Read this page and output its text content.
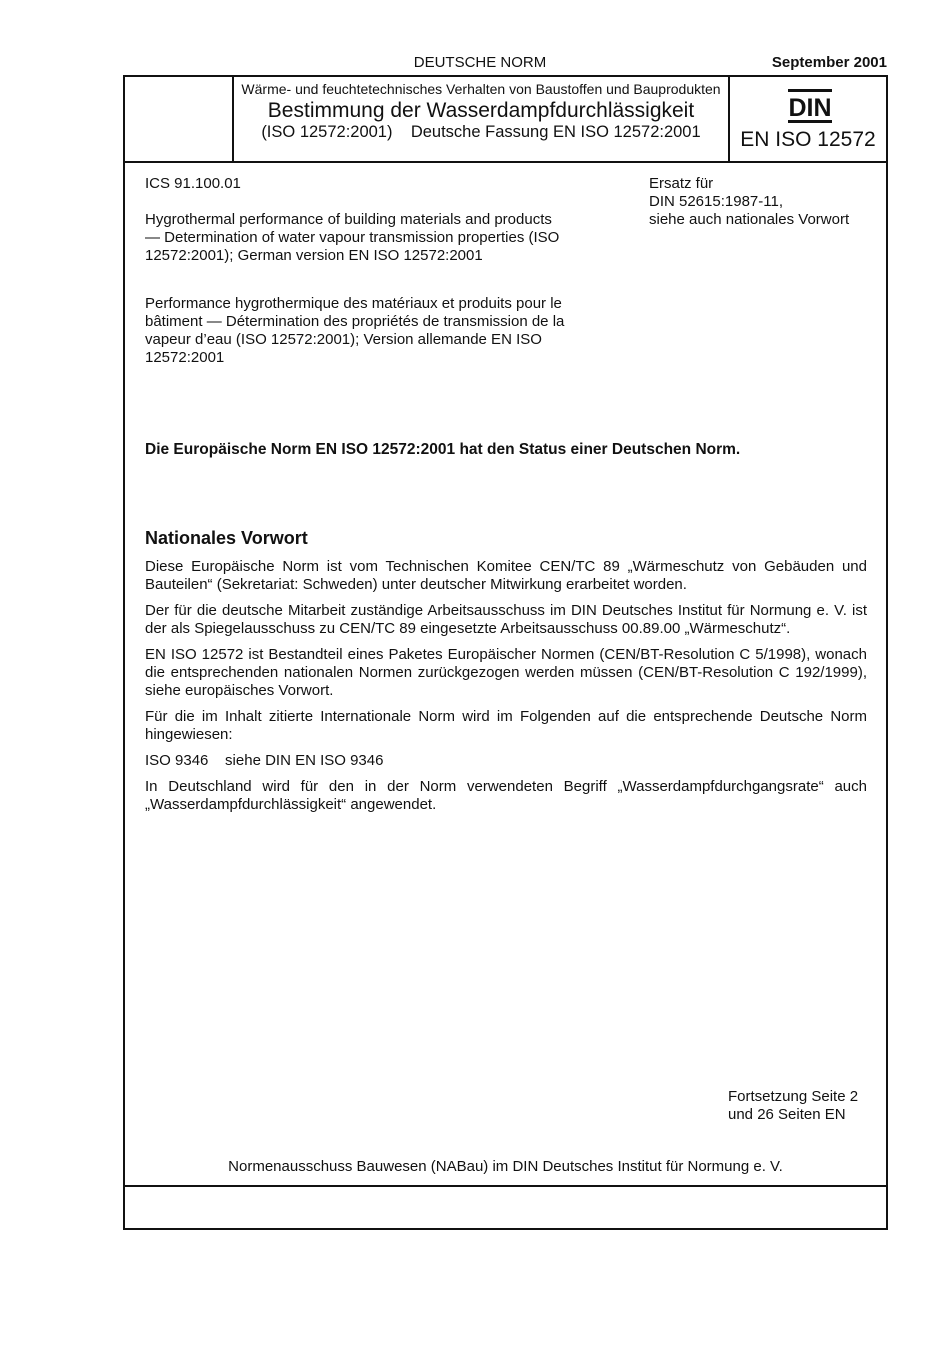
DEUTSCHE NORM	September 2001
Wärme- und feuchtetechnisches Verhalten von Baustoffen und Bauprodukten
Bestimmung der Wasserdampfdurchlässigkeit
(ISO 12572:2001)    Deutsche Fassung EN ISO 12572:2001
DIN
EN ISO 12572
ICS 91.100.01	Ersatz für
DIN 52615:1987-11,
siehe auch nationales Vorwort
Hygrothermal performance of building materials and products — Determination of water vapour transmission properties (ISO 12572:2001); German version EN ISO 12572:2001
Performance hygrothermique des matériaux et produits pour le bâtiment — Détermination des propriétés de transmission de la vapeur d’eau (ISO 12572:2001); Version allemande EN ISO 12572:2001
Die Europäische Norm EN ISO 12572:2001 hat den Status einer Deutschen Norm.
Nationales Vorwort

Diese Europäische Norm ist vom Technischen Komitee CEN/TC 89 „Wärmeschutz von Gebäuden und Bauteilen“ (Sekretariat: Schweden) unter deutscher Mitwirkung erarbeitet worden.

Der für die deutsche Mitarbeit zuständige Arbeitsausschuss im DIN Deutsches Institut für Normung e. V. ist der als Spiegelausschuss zu CEN/TC 89 eingesetzte Arbeitsausschuss 00.89.00 „Wärmeschutz“.

EN ISO 12572 ist Bestandteil eines Paketes Europäischer Normen (CEN/BT-Resolution C 5/1998), wonach die entsprechenden nationalen Normen zurückgezogen werden müssen (CEN/BT-Resolution C 192/1999), siehe europäisches Vorwort.

Für die im Inhalt zitierte Internationale Norm wird im Folgenden auf die entsprechende Deutsche Norm hingewiesen:

ISO 9346    siehe DIN EN ISO 9346

In Deutschland wird für den in der Norm verwendeten Begriff „Wasserdampfdurchgangsrate“ auch „Wasserdampfdurchlässigkeit“ angewendet.

Fortsetzung Seite 2
und 26 Seiten EN
Normenausschuss Bauwesen (NABau) im DIN Deutsches Institut für Normung e. V.
